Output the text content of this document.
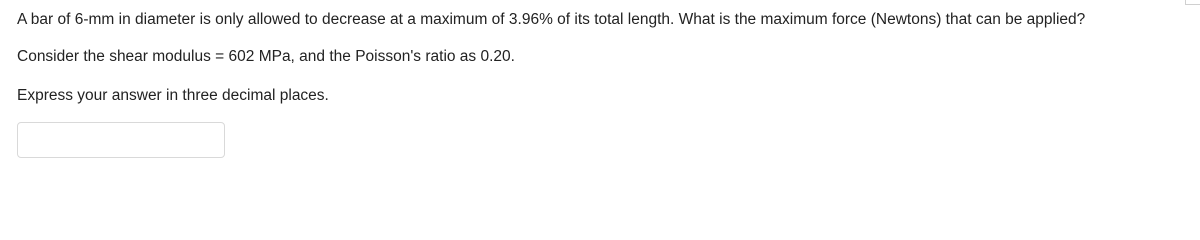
A bar of 6-mm in diameter is only allowed to decrease at a maximum of 3.96% of its total length. What is the maximum force (Newtons) that can be applied?

Consider the shear modulus = 602 MPa, and the Poisson's ratio as 0.20.

Express your answer in three decimal places.
